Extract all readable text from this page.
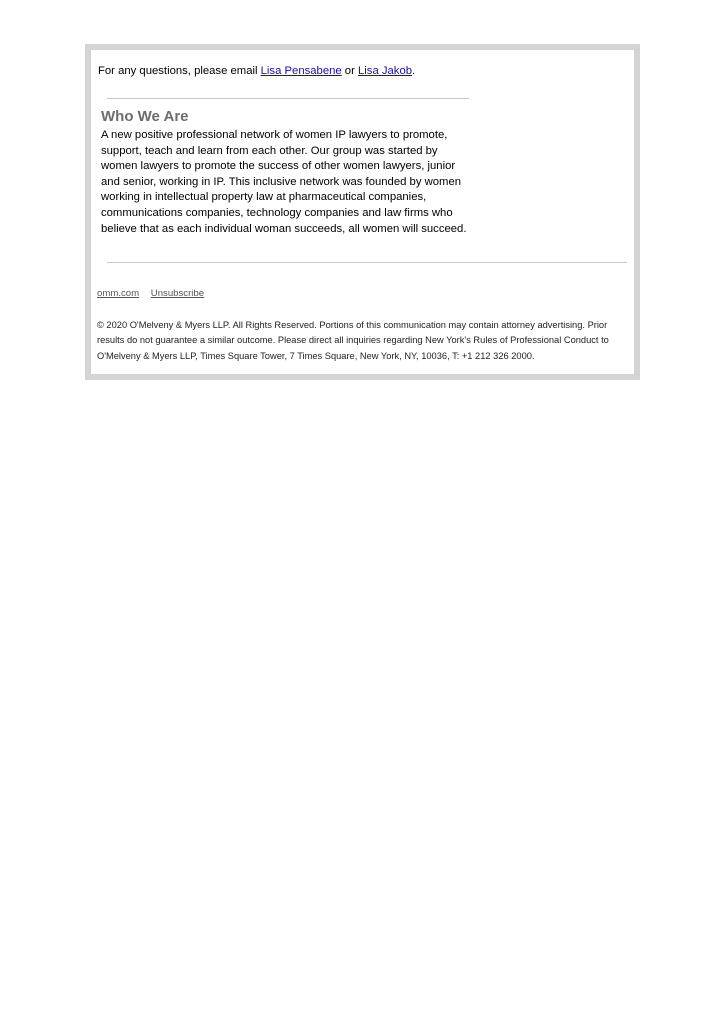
For any questions, please email Lisa Pensabene or Lisa Jakob.
Who We Are
A new positive professional network of women IP lawyers to promote, support, teach and learn from each other. Our group was started by women lawyers to promote the success of other women lawyers, junior and senior, working in IP. This inclusive network was founded by women working in intellectual property law at pharmaceutical companies, communications companies, technology companies and law firms who believe that as each individual woman succeeds, all women will succeed.
omm.com Unsubscribe
© 2020 O'Melveny & Myers LLP. All Rights Reserved. Portions of this communication may contain attorney advertising. Prior results do not guarantee a similar outcome. Please direct all inquiries regarding New York's Rules of Professional Conduct to O'Melveny & Myers LLP, Times Square Tower, 7 Times Square, New York, NY, 10036, T: +1 212 326 2000.
